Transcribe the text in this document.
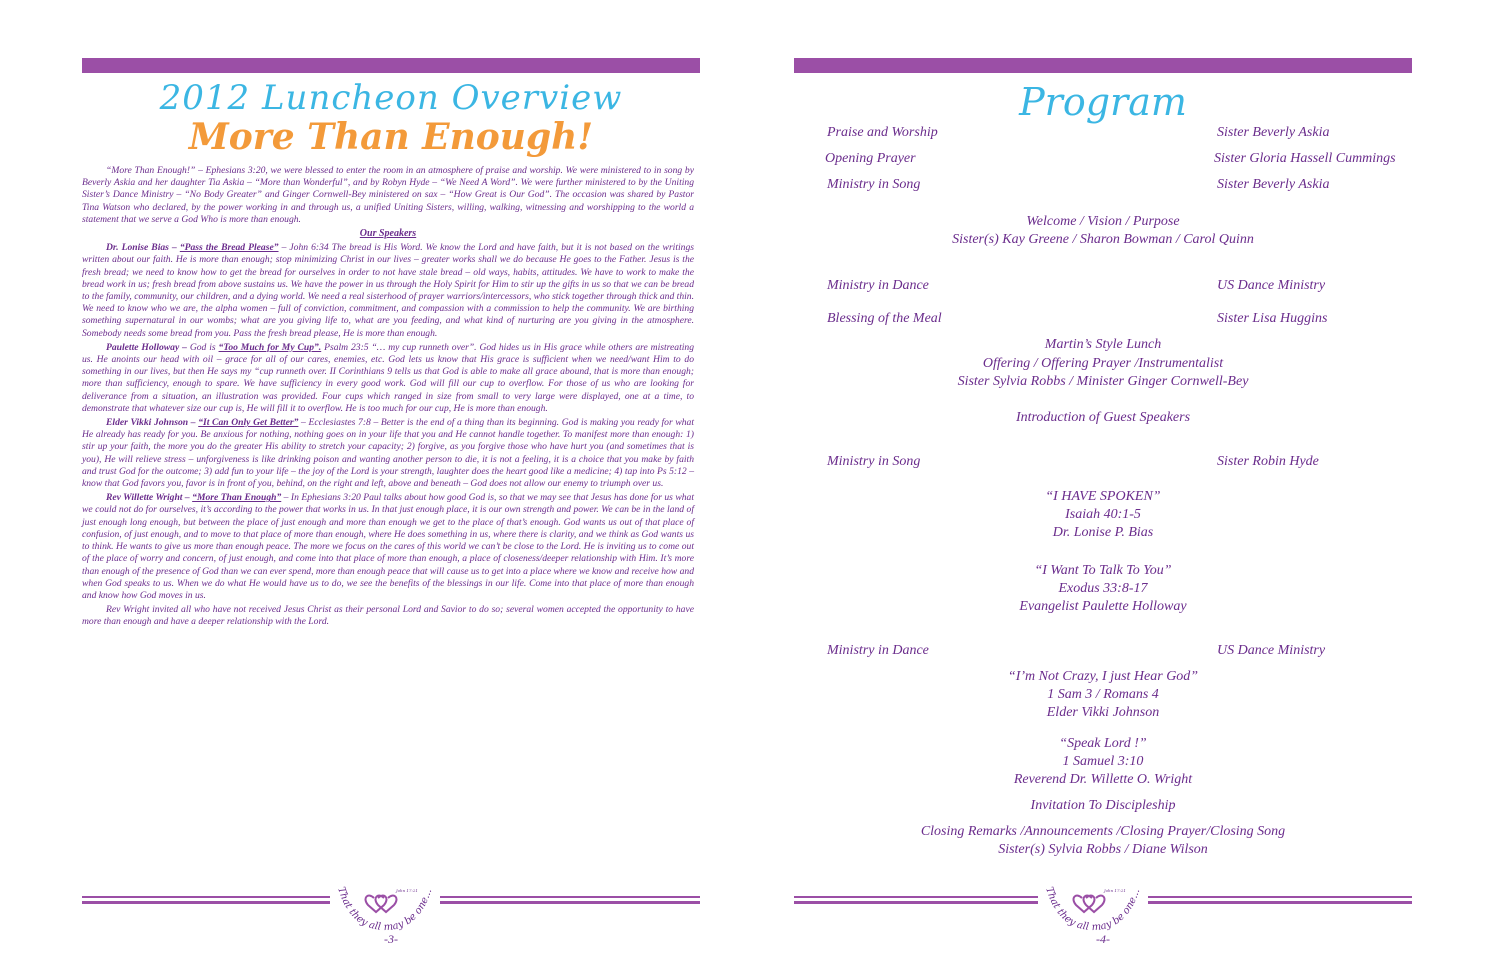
2012 Luncheon Overview
More Than Enough!

“More Than Enough!” – Ephesians 3:20, we were blessed to enter the room in an atmosphere of praise and worship. We were ministered to in song by Beverly Askia and her daughter Tia Askia – “More than Wonderful”, and by Robyn Hyde – “We Need A Word”. We were further ministered to by the Uniting Sister’s Dance Ministry – “No Body Greater” and Ginger Cornwell-Bey ministered on sax – “How Great is Our God”. The occasion was shared by Pastor Tina Watson who declared, by the power working in and through us, a unified Uniting Sisters, willing, walking, witnessing and worshipping to the world a statement that we serve a God Who is more than enough.

Our Speakers

Dr. Lonise Bias – “Pass the Bread Please” – John 6:34 The bread is His Word. We know the Lord and have faith, but it is not based on the writings written about our faith. He is more than enough; stop minimizing Christ in our lives – greater works shall we do because He goes to the Father. Jesus is the fresh bread; we need to know how to get the bread for ourselves in order to not have stale bread – old ways, habits, attitudes. We have to work to make the bread work in us; fresh bread from above sustains us. We have the power in us through the Holy Spirit for Him to stir up the gifts in us so that we can be bread to the family, community, our children, and a dying world. We need a real sisterhood of prayer warriors/intercessors, who stick together through thick and thin. We need to know who we are, the alpha women – full of conviction, commitment, and compassion with a commission to help the community. We are birthing something supernatural in our wombs; what are you giving life to, what are you feeding, and what kind of nurturing are you giving in the atmosphere. Somebody needs some bread from you. Pass the fresh bread please, He is more than enough.

Paulette Holloway – God is “Too Much for My Cup”. Psalm 23:5 “… my cup runneth over”. God hides us in His grace while others are mistreating us. He anoints our head with oil – grace for all of our cares, enemies, etc. God lets us know that His grace is sufficient when we need/want Him to do something in our lives, but then He says my “cup runneth over. II Corinthians 9 tells us that God is able to make all grace abound, that is more than enough; more than sufficiency, enough to spare. We have sufficiency in every good work. God will fill our cup to overflow. For those of us who are looking for deliverance from a situation, an illustration was provided. Four cups which ranged in size from small to very large were displayed, one at a time, to demonstrate that whatever size our cup is, He will fill it to overflow. He is too much for our cup, He is more than enough.

Elder Vikki Johnson – “It Can Only Get Better” – Ecclesiastes 7:8 – Better is the end of a thing than its beginning. God is making you ready for what He already has ready for you. Be anxious for nothing, nothing goes on in your life that you and He cannot handle together. To manifest more than enough: 1) stir up your faith, the more you do the greater His ability to stretch your capacity; 2) forgive, as you forgive those who have hurt you (and sometimes that is you), He will relieve stress – unforgiveness is like drinking poison and wanting another person to die, it is not a feeling, it is a choice that you make by faith and trust God for the outcome; 3) add fun to your life – the joy of the Lord is your strength, laughter does the heart good like a medicine; 4) tap into Ps 5:12 – know that God favors you, favor is in front of you, behind, on the right and left, above and beneath – God does not allow our enemy to triumph over us.

Rev Willette Wright – “More Than Enough” – In Ephesians 3:20 Paul talks about how good God is, so that we may see that Jesus has done for us what we could not do for ourselves, it’s according to the power that works in us. In that just enough place, it is our own strength and power. We can be in the land of just enough long enough, but between the place of just enough and more than enough we get to the place of that’s enough. God wants us out of that place of confusion, of just enough, and to move to that place of more than enough, where He does something in us, where there is clarity, and we think as God wants us to think. He wants to give us more than enough peace. The more we focus on the cares of this world we can’t be close to the Lord. He is inviting us to come out of the place of worry and concern, of just enough, and come into that place of more than enough, a place of closeness/deeper relationship with Him. It’s more than enough of the presence of God than we can ever spend, more than enough peace that will cause us to get into a place where we know and receive how and when God speaks to us. When we do what He would have us to do, we see the benefits of the blessings in our life. Come into that place of more than enough and know how God moves in us.

Rev Wright invited all who have not received Jesus Christ as their personal Lord and Savior to do so; several women accepted the opportunity to have more than enough and have a deeper relationship with the Lord.

That they all may be one...
John 17:21
-3-
Program
Praise and Worship	Sister Beverly Askia
Opening Prayer	Sister Gloria Hassell Cummings
Ministry in Song	Sister Beverly Askia
Welcome / Vision / Purpose
Sister(s) Kay Greene / Sharon Bowman / Carol Quinn
Ministry in Dance	US Dance Ministry
Blessing of the Meal	Sister Lisa Huggins
Martin’s Style Lunch
Offering / Offering Prayer /Instrumentalist
Sister Sylvia Robbs / Minister Ginger Cornwell-Bey
Introduction of Guest Speakers
Ministry in Song	Sister Robin Hyde
“I HAVE SPOKEN”
Isaiah 40:1-5
Dr. Lonise P. Bias
“I Want To Talk To You”
Exodus 33:8-17
Evangelist Paulette Holloway
Ministry in Dance	US Dance Ministry
“I’m Not Crazy, I just Hear God”
1 Sam 3 / Romans 4
Elder Vikki Johnson
“Speak Lord !”
1 Samuel 3:10
Reverend Dr. Willette O. Wright
Invitation To Discipleship
Closing Remarks /Announcements /Closing Prayer/Closing Song
Sister(s) Sylvia Robbs / Diane Wilson
That they all may be one...
John 17:21
-4-
